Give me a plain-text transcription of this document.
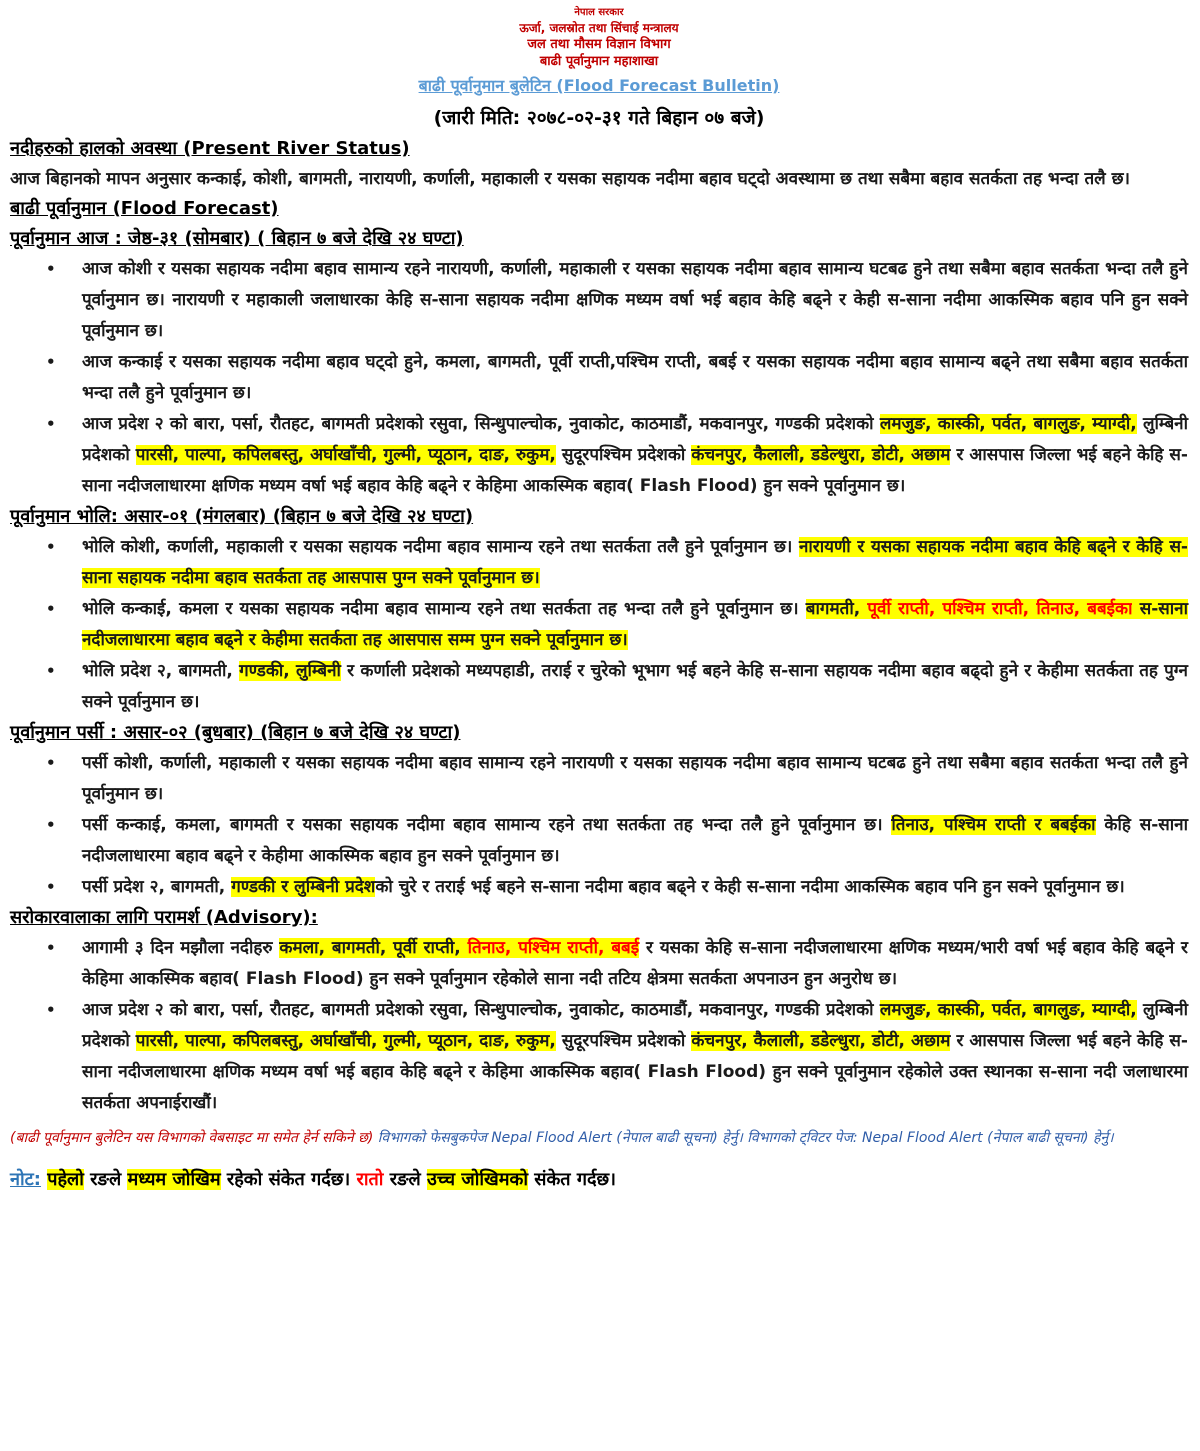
नेपाल सरकार
ऊर्जा, जलस्रोत तथा सिंचाई मन्त्रालय
जल तथा मौसम विज्ञान विभाग
बाढी पूर्वानुमान महाशाखा
बाढी पूर्वानुमान बुलेटिन (Flood Forecast Bulletin)
(जारी मिति: २०७८-०२-३१ गते बिहान ०७ बजे)
नदीहरुको हालको अवस्था (Present River Status)
आज बिहानको मापन अनुसार कन्काई, कोशी, बागमती, नारायणी, कर्णाली, महाकाली र यसका सहायक नदीमा बहाव घट्दो अवस्थामा छ तथा सबैमा बहाव सतर्कता तह भन्दा तलै छ।
बाढी पूर्वानुमान (Flood Forecast)
पूर्वानुमान आज : जेष्ठ-३१ (सोमबार) ( बिहान ७ बजे देखि २४ घण्टा)
• आज कोशी र यसका सहायक नदीमा बहाव सामान्य रहने नारायणी, कर्णाली, महाकाली र यसका सहायक नदीमा बहाव सामान्य घटबढ हुने तथा सबैमा बहाव सतर्कता भन्दा तलै हुने पूर्वानुमान छ। नारायणी र महाकाली जलाधारका केहि स-साना सहायक नदीमा क्षणिक मध्यम वर्षा भई बहाव केहि बढ्ने र केही स-साना नदीमा आकस्मिक बहाव पनि हुन सक्ने पूर्वानुमान छ।
• आज कन्काई र यसका सहायक नदीमा बहाव घट्दो हुने, कमला, बागमती, पूर्वी राप्ती,पश्चिम राप्ती, बबई र यसका सहायक नदीमा बहाव सामान्य बढ्ने तथा सबैमा बहाव सतर्कता भन्दा तलै हुने पूर्वानुमान छ।
• आज प्रदेश २ को बारा, पर्सा, रौतहट, बागमती प्रदेशको रसुवा, सिन्धुपाल्चोक, नुवाकोट, काठमाडौं, मकवानपुर, गण्डकी प्रदेशको लमजुङ, कास्की, पर्वत, बागलुङ, म्याग्दी, लुम्बिनी प्रदेशको पारसी, पाल्पा, कपिलबस्तु, अर्घाखाँची, गुल्मी, प्यूठान, दाङ, रुकुम, सुदूरपश्चिम प्रदेशको कंचनपुर, कैलाली, डडेल्धुरा, डोटी, अछाम र आसपास जिल्ला भई बहने केहि स-साना नदीजलाधारमा क्षणिक मध्यम वर्षा भई बहाव केहि बढ्ने र केहिमा आकस्मिक बहाव( Flash Flood) हुन सक्ने पूर्वानुमान छ।
पूर्वानुमान भोलि: असार-०१ (मंगलबार) (बिहान ७ बजे देखि २४ घण्टा)
• भोलि कोशी, कर्णाली, महाकाली र यसका सहायक नदीमा बहाव सामान्य रहने तथा सतर्कता तलै हुने पूर्वानुमान छ। नारायणी र यसका सहायक नदीमा बहाव केहि बढ्ने र केहि स-साना सहायक नदीमा बहाव सतर्कता तह आसपास पुग्न सक्ने पूर्वानुमान छ।
• भोलि कन्काई, कमला र यसका सहायक नदीमा बहाव सामान्य रहने तथा सतर्कता तह भन्दा तलै हुने पूर्वानुमान छ। बागमती, पूर्वी राप्ती, पश्चिम राप्ती, तिनाउ, बबईका स-साना नदीजलाधारमा बहाव बढ्ने र केहीमा सतर्कता तह आसपास सम्म पुग्न सक्ने पूर्वानुमान छ।
• भोलि प्रदेश २, बागमती, गण्डकी, लुम्बिनी र कर्णाली प्रदेशको मध्यपहाडी, तराई र चुरेको भूभाग भई बहने केहि स-साना सहायक नदीमा बहाव बढ्दो हुने र केहीमा सतर्कता तह पुग्न सक्ने पूर्वानुमान छ।
पूर्वानुमान पर्सी : असार-०२ (बुधबार) (बिहान ७ बजे देखि २४ घण्टा)
• पर्सी कोशी, कर्णाली, महाकाली र यसका सहायक नदीमा बहाव सामान्य रहने नारायणी र यसका सहायक नदीमा बहाव सामान्य घटबढ हुने तथा सबैमा बहाव सतर्कता भन्दा तलै हुने पूर्वानुमान छ।
• पर्सी कन्काई, कमला, बागमती र यसका सहायक नदीमा बहाव सामान्य रहने तथा सतर्कता तह भन्दा तलै हुने पूर्वानुमान छ। तिनाउ, पश्चिम राप्ती र बबईका केहि स-साना नदीजलाधारमा बहाव बढ्ने र केहीमा आकस्मिक बहाव हुन सक्ने पूर्वानुमान छ।
• पर्सी प्रदेश २, बागमती, गण्डकी र लुम्बिनी प्रदेशको चुरे र तराई भई बहने स-साना नदीमा बहाव बढ्ने र केही स-साना नदीमा आकस्मिक बहाव पनि हुन सक्ने पूर्वानुमान छ।
सरोकारवालाका लागि परामर्श (Advisory):
• आगामी ३ दिन मझौला नदीहरु कमला, बागमती, पूर्वी राप्ती, तिनाउ, पश्चिम राप्ती, बबई र यसका केहि स-साना नदीजलाधारमा क्षणिक मध्यम/भारी वर्षा भई बहाव केहि बढ्ने र केहिमा आकस्मिक बहाव( Flash Flood) हुन सक्ने पूर्वानुमान रहेकोले साना नदी तटिय क्षेत्रमा सतर्कता अपनाउन हुन अनुरोध छ।
• आज प्रदेश २ को बारा, पर्सा, रौतहट, बागमती प्रदेशको रसुवा, सिन्धुपाल्चोक, नुवाकोट, काठमाडौं, मकवानपुर, गण्डकी प्रदेशको लमजुङ, कास्की, पर्वत, बागलुङ, म्याग्दी, लुम्बिनी प्रदेशको पारसी, पाल्पा, कपिलबस्तु, अर्घाखाँची, गुल्मी, प्यूठान, दाङ, रुकुम, सुदूरपश्चिम प्रदेशको कंचनपुर, कैलाली, डडेल्धुरा, डोटी, अछाम र आसपास जिल्ला भई बहने केहि स-साना नदीजलाधारमा क्षणिक मध्यम वर्षा भई बहाव केहि बढ्ने र केहिमा आकस्मिक बहाव( Flash Flood) हुन सक्ने पूर्वानुमान रहेकोले उक्त स्थानका स-साना नदी जलाधारमा सतर्कता अपनाईराखौं।
(बाढी पूर्वानुमान बुलेटिन यस विभागको वेबसाइट मा समेत हेर्न सकिने छ) विभागको फेसबुकपेज Nepal Flood Alert (नेपाल बाढी सूचना) हेर्नु। विभागको ट्विटर पेज: Nepal Flood Alert (नेपाल बाढी सूचना) हेर्नु।
नोट: पहेलो रङले मध्यम जोखिम रहेको संकेत गर्दछ। रातो रङले उच्च जोखिमको संकेत गर्दछ।
